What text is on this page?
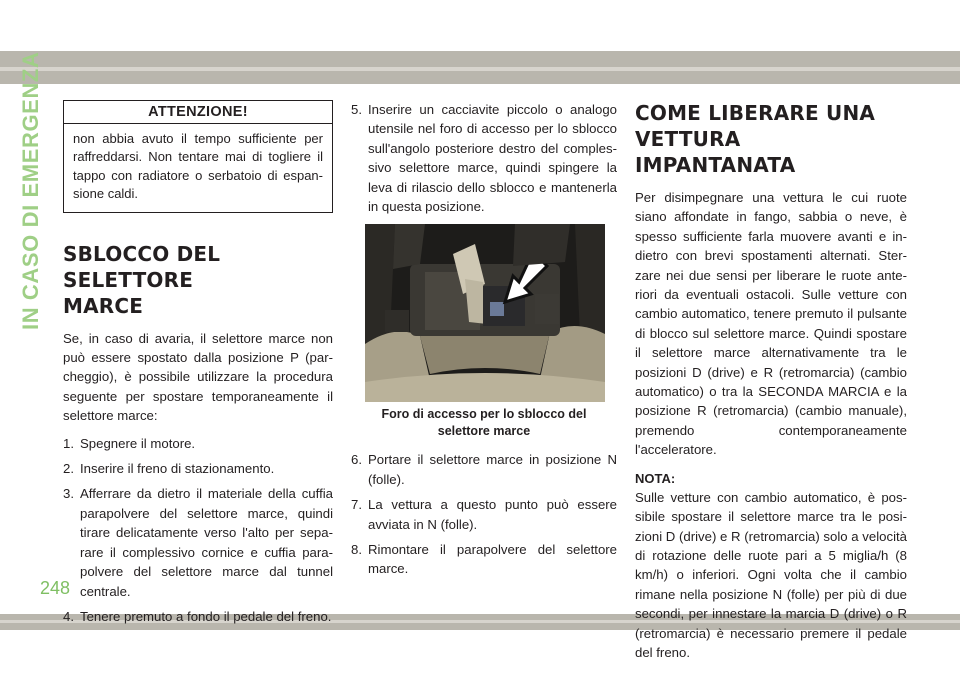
IN CASO DI EMERGENZA
248
ATTENZIONE!
non abbia avuto il tempo sufficiente per raffreddarsi. Non tentare mai di togliere il tappo con radiatore o serbatoio di espansione caldi.
SBLOCCO DEL SELETTORE
MARCE

Se, in caso di avaria, il selettore marce non può essere spostato dalla posizione P (parcheggio), è possibile utilizzare la procedura seguente per spostare temporaneamente il selettore marce:

1. Spegnere il motore.
2. Inserire il freno di stazionamento.
3. Afferrare da dietro il materiale della cuffia parapolvere del selettore marce, quindi tirare delicatamente verso l'alto per separare il complessivo cornice e cuffia parapolvere del selettore marce dal tunnel centrale.
4. Tenere premuto a fondo il pedale del freno.
5. Inserire un cacciavite piccolo o analogo utensile nel foro di accesso per lo sblocco sull'angolo posteriore destro del complessivo selettore marce, quindi spingere la leva di rilascio dello sblocco e mantenerla in questa posizione.
Foro di accesso per lo sblocco del
selettore marce
6. Portare il selettore marce in posizione N (folle).
7. La vettura a questo punto può essere avviata in N (folle).
8. Rimontare il parapolvere del selettore marce.
COME LIBERARE UNA
VETTURA IMPANTANATA

Per disimpegnare una vettura le cui ruote siano affondate in fango, sabbia o neve, è spesso sufficiente farla muovere avanti e indietro con brevi spostamenti alternati. Sterzare nei due sensi per liberare le ruote anteriori da eventuali ostacoli. Sulle vetture con cambio automatico, tenere premuto il pulsante di blocco sul selettore marce. Quindi spostare il selettore marce alternativamente tra le posizioni D (drive) e R (retromarcia) (cambio automatico) o tra la SECONDA MARCIA e la posizione R (retromarcia) (cambio manuale), premendo contemporaneamente l'acceleratore.

NOTA:

Sulle vetture con cambio automatico, è possibile spostare il selettore marce tra le posizioni D (drive) e R (retromarcia) solo a velocità di rotazione delle ruote pari a 5 miglia/h (8 km/h) o inferiori. Ogni volta che il cambio rimane nella posizione N (folle) per più di due secondi, per innestare la marcia D (drive) o R (retromarcia) è necessario premere il pedale del freno.
